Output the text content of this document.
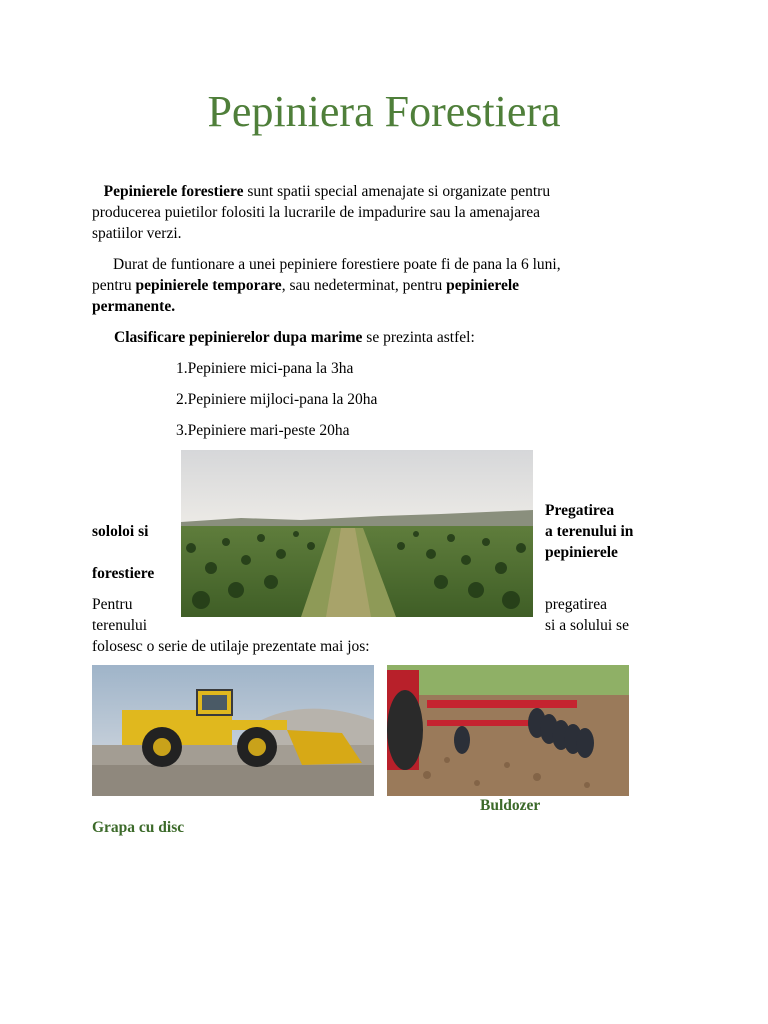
Pepiniera Forestiera
Pepinierele forestiere sunt spatii special amenajate si organizate pentru
producerea puietilor folositi la lucrarile de impadurire sau la amenajarea
spatiilor verzi.
Durat de funtionare a unei pepiniere forestiere poate fi de pana la 6 luni,
pentru pepinierele temporare, sau nedeterminat, pentru pepinierele
permanente.
Clasificare pepinierelor dupa marime se prezinta astfel:
1.Pepiniere mici-pana la 3ha
2.Pepiniere mijloci-pana la 20ha
3.Pepiniere mari-peste 20ha
Pregatirea
sololoi si	a terenului in
pepinierele
forestiere
Pentru	pregatirea
terenului	si a solului se
folosesc o serie de utilaje prezentate mai jos:
Buldozer
Grapa cu disc
